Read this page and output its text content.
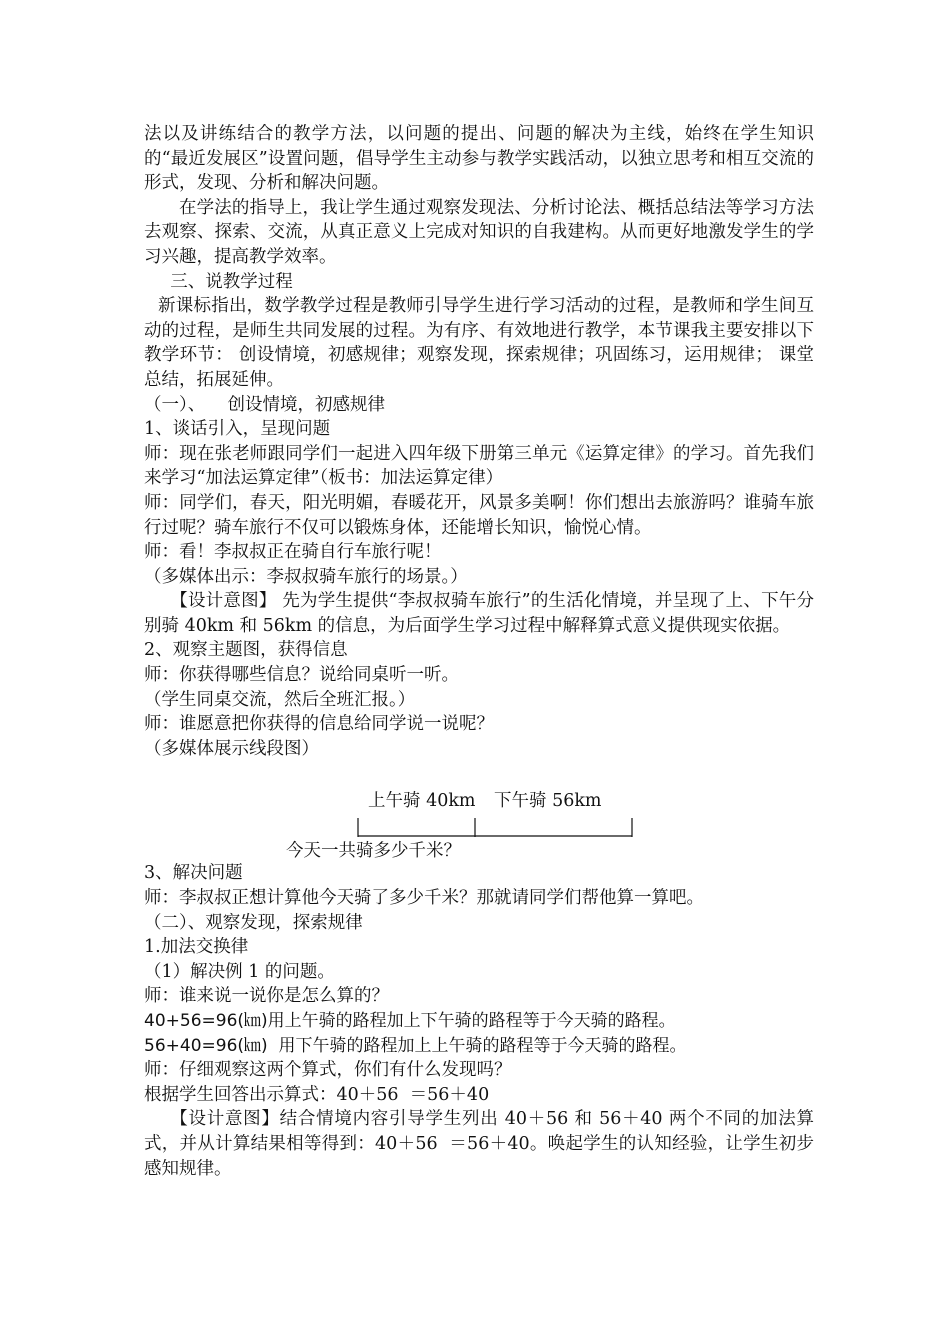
法以及讲练结合的教学方法，以问题的提出、问题的解决为主线，始终在学生知识的“最近发展区”设置问题，倡导学生主动参与教学实践活动，以独立思考和相互交流的形式，发现、分析和解决问题。

在学法的指导上，我让学生通过观察发现法、分析讨论法、概括总结法等学习方法去观察、探索、交流，从真正意义上完成对知识的自我建构。从而更好地激发学生的学习兴趣，提高教学效率。

三、说教学过程

新课标指出，数学教学过程是教师引导学生进行学习活动的过程，是教师和学生间互动的过程，是师生共同发展的过程。为有序、有效地进行教学，本节课我主要安排以下教学环节： 创设情境，初感规律；观察发现，探索规律；巩固练习，运用规律； 课堂总结，拓展延伸。

（一）、    创设情境，初感规律

1、谈话引入，呈现问题

师：现在张老师跟同学们一起进入四年级下册第三单元《运算定律》的学习。首先我们来学习“加法运算定律”（板书：加法运算定律）

师：同学们，春天，阳光明媚，春暖花开，风景多美啊！你们想出去旅游吗？谁骑车旅行过呢？骑车旅行不仅可以锻炼身体，还能增长知识，愉悦心情。

师：看！李叔叔正在骑自行车旅行呢！

（多媒体出示：李叔叔骑车旅行的场景。）

【设计意图】 先为学生提供“李叔叔骑车旅行”的生活化情境，并呈现了上、下午分别骑 40km 和 56km 的信息，为后面学生学习过程中解释算式意义提供现实依据。

2、观察主题图，获得信息

师：你获得哪些信息？说给同桌听一听。

（学生同桌交流，然后全班汇报。）

师：谁愿意把你获得的信息给同学说一说呢？

（多媒体展示线段图）

上午骑 40km 下午骑 56km
今天一共骑多少千米？

3、解决问题

师：李叔叔正想计算他今天骑了多少千米？那就请同学们帮他算一算吧。

（二）、观察发现，探索规律

1.加法交换律

（1）解决例 1 的问题。

师：谁来说一说你是怎么算的？

40+56=96(㎞)用上午骑的路程加上下午骑的路程等于今天骑的路程。

56+40=96(㎞)  用下午骑的路程加上上午骑的路程等于今天骑的路程。

师：仔细观察这两个算式，你们有什么发现吗？

根据学生回答出示算式：40＋56  ＝56＋40

【设计意图】结合情境内容引导学生列出 40＋56 和 56＋40 两个不同的加法算式，并从计算结果相等得到：40＋56  ＝56＋40。唤起学生的认知经验，让学生初步感知规律。
